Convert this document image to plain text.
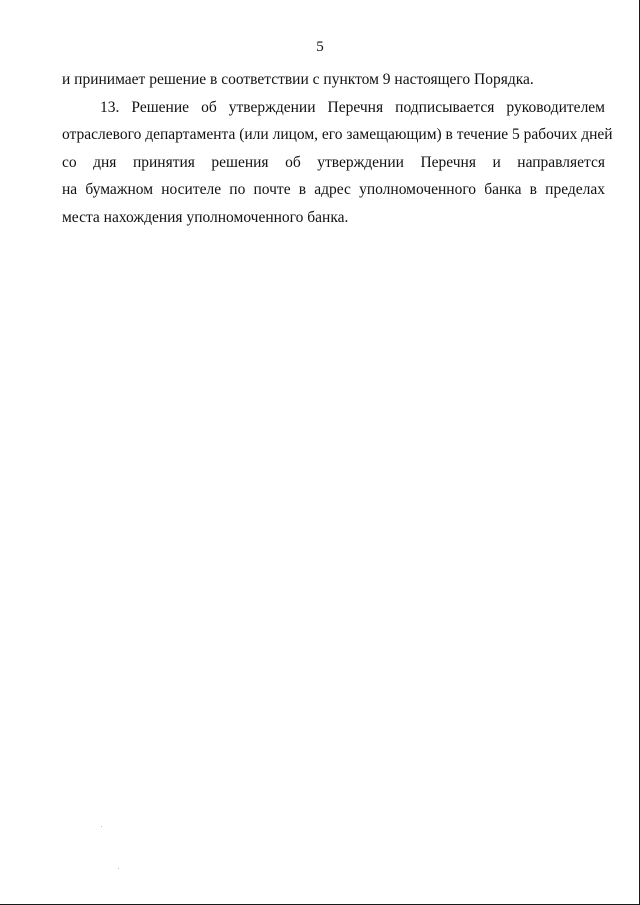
5

и принимает решение в соответствии с пунктом 9 настоящего Порядка.

13. Решение об утверждении Перечня подписывается руководителем
отраслевого департамента (или лицом, его замещающим) в течение 5 рабочих дней
со дня принятия решения об утверждении Перечня и направляется
на бумажном носителе по почте в адрес уполномоченного банка в пределах
места нахождения уполномоченного банка.
